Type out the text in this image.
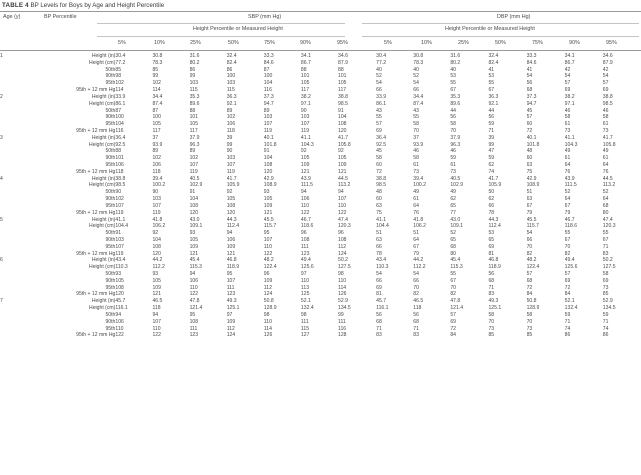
TABLE 4 BP Levels for Boys by Age and Height Percentile
Age (y)	BP Percentile	SBP (mm Hg)	DBP (mm Hg)
Height Percentile or Measured Height	Height Percentile or Measured Height
5%	10%	25%	50%	75%	90%	95%	5%	10%	25%	50%	75%	90%	95%
1	Height (in)	30.4	30.8	31.6	32.4	33.3	34.1	34.6	30.4	30.8	31.6	32.4	33.3	34.1	34.6
	Height (cm)	77.2	78.3	80.2	82.4	84.6	86.7	87.9	77.2	78.3	80.2	82.4	84.6	86.7	87.9
	50th	85	85	86	86	87	88	88	40	40	40	41	41	42	42
	90th	98	99	99	100	100	101	101	52	52	53	53	54	54	54
	95th	102	102	103	103	104	105	105	54	54	55	55	56	57	57
	95th + 12 mm Hg	114	114	115	115	116	117	117	66	66	67	67	68	69	69
2	Height (in)	33.9	34.4	35.3	36.3	37.3	38.2	38.8	33.9	34.4	35.3	36.3	37.3	38.2	38.8
	Height (cm)	86.1	87.4	89.6	92.1	94.7	97.1	98.5	86.1	87.4	89.6	92.1	94.7	97.1	98.5
	50th	87	87	88	89	89	90	91	43	43	44	44	45	46	46
	90th	100	100	101	102	103	103	104	55	55	56	56	57	58	58
	95th	104	105	105	106	107	107	108	57	58	58	59	60	61	61
	95th + 12 mm Hg	116	117	117	118	119	119	120	69	70	70	71	72	73	73
3	Height (in)	36.4	37	37.9	39	40.1	41.1	41.7	36.4	37	37.9	39	40.1	41.1	41.7
	Height (cm)	92.5	93.9	96.3	99	101.8	104.3	105.8	92.5	93.9	96.3	99	101.8	104.3	105.8
	50th	88	89	89	90	91	92	92	45	46	46	47	48	49	49
	90th	101	102	102	103	104	105	105	58	58	59	59	60	61	61
	95th	106	106	107	107	108	109	109	60	61	61	62	63	64	64
	95th + 12 mm Hg	118	118	119	119	120	121	121	72	73	73	74	75	76	76
4	Height (in)	38.8	39.4	40.5	41.7	42.9	43.9	44.5	38.8	39.4	40.5	41.7	42.9	43.9	44.5
	Height (cm)	98.5	100.2	102.9	105.9	108.9	111.5	113.2	98.5	100.2	102.9	105.9	108.9	111.5	113.2
	50th	90	90	91	92	93	94	94	48	49	49	50	51	52	52
	90th	102	103	104	105	105	106	107	60	61	62	62	63	64	64
	95th	107	107	108	108	109	110	110	63	64	65	66	67	67	68
	95th + 12 mm Hg	119	119	120	120	121	122	122	75	76	77	78	79	79	80
5	Height (in)	41.1	41.8	43.0	44.3	45.5	46.7	47.4	41.1	41.8	43.0	44.3	45.5	46.7	47.4
	Height (cm)	104.4	106.2	109.1	112.4	115.7	118.6	120.3	104.4	106.2	109.1	112.4	115.7	118.6	120.3
	50th	91	92	93	94	95	96	96	51	51	52	53	54	55	55
	90th	103	104	105	106	107	108	108	63	64	65	65	66	67	67
	95th	107	108	109	109	110	111	112	66	67	68	69	70	70	71
	95th + 12 mm Hg	119	120	121	121	122	123	124	78	79	80	81	82	82	83
6	Height (in)	43.4	44.2	45.4	46.8	48.2	49.4	50.2	43.4	44.2	45.4	46.8	48.2	49.4	50.2
	Height (cm)	110.3	112.2	115.3	118.9	122.4	125.6	127.5	110.3	112.2	115.3	118.9	122.4	125.6	127.5
	50th	93	93	94	95	96	97	98	54	54	55	56	57	57	58
	90th	105	105	106	107	109	110	110	66	66	67	68	68	69	69
	95th	108	109	110	111	112	113	114	69	70	70	71	72	72	73
	95th + 12 mm Hg	120	121	122	123	124	125	126	81	82	82	83	84	84	85
7	Height (in)	45.7	46.5	47.8	49.3	50.8	52.1	52.9	45.7	46.5	47.8	49.3	50.8	52.1	52.9
	Height (cm)	116.1	118	121.4	125.1	128.9	132.4	134.5	116.1	118	121.4	125.1	128.9	132.4	134.5
	50th	94	94	95	97	98	98	99	56	56	57	58	58	59	59
	90th	106	107	108	109	110	111	111	68	68	69	70	70	71	71
	95th	110	110	111	112	114	115	116	71	71	72	73	73	74	74
	95th + 12 mm Hg	122	122	123	124	126	127	128	83	83	84	85	85	86	86
